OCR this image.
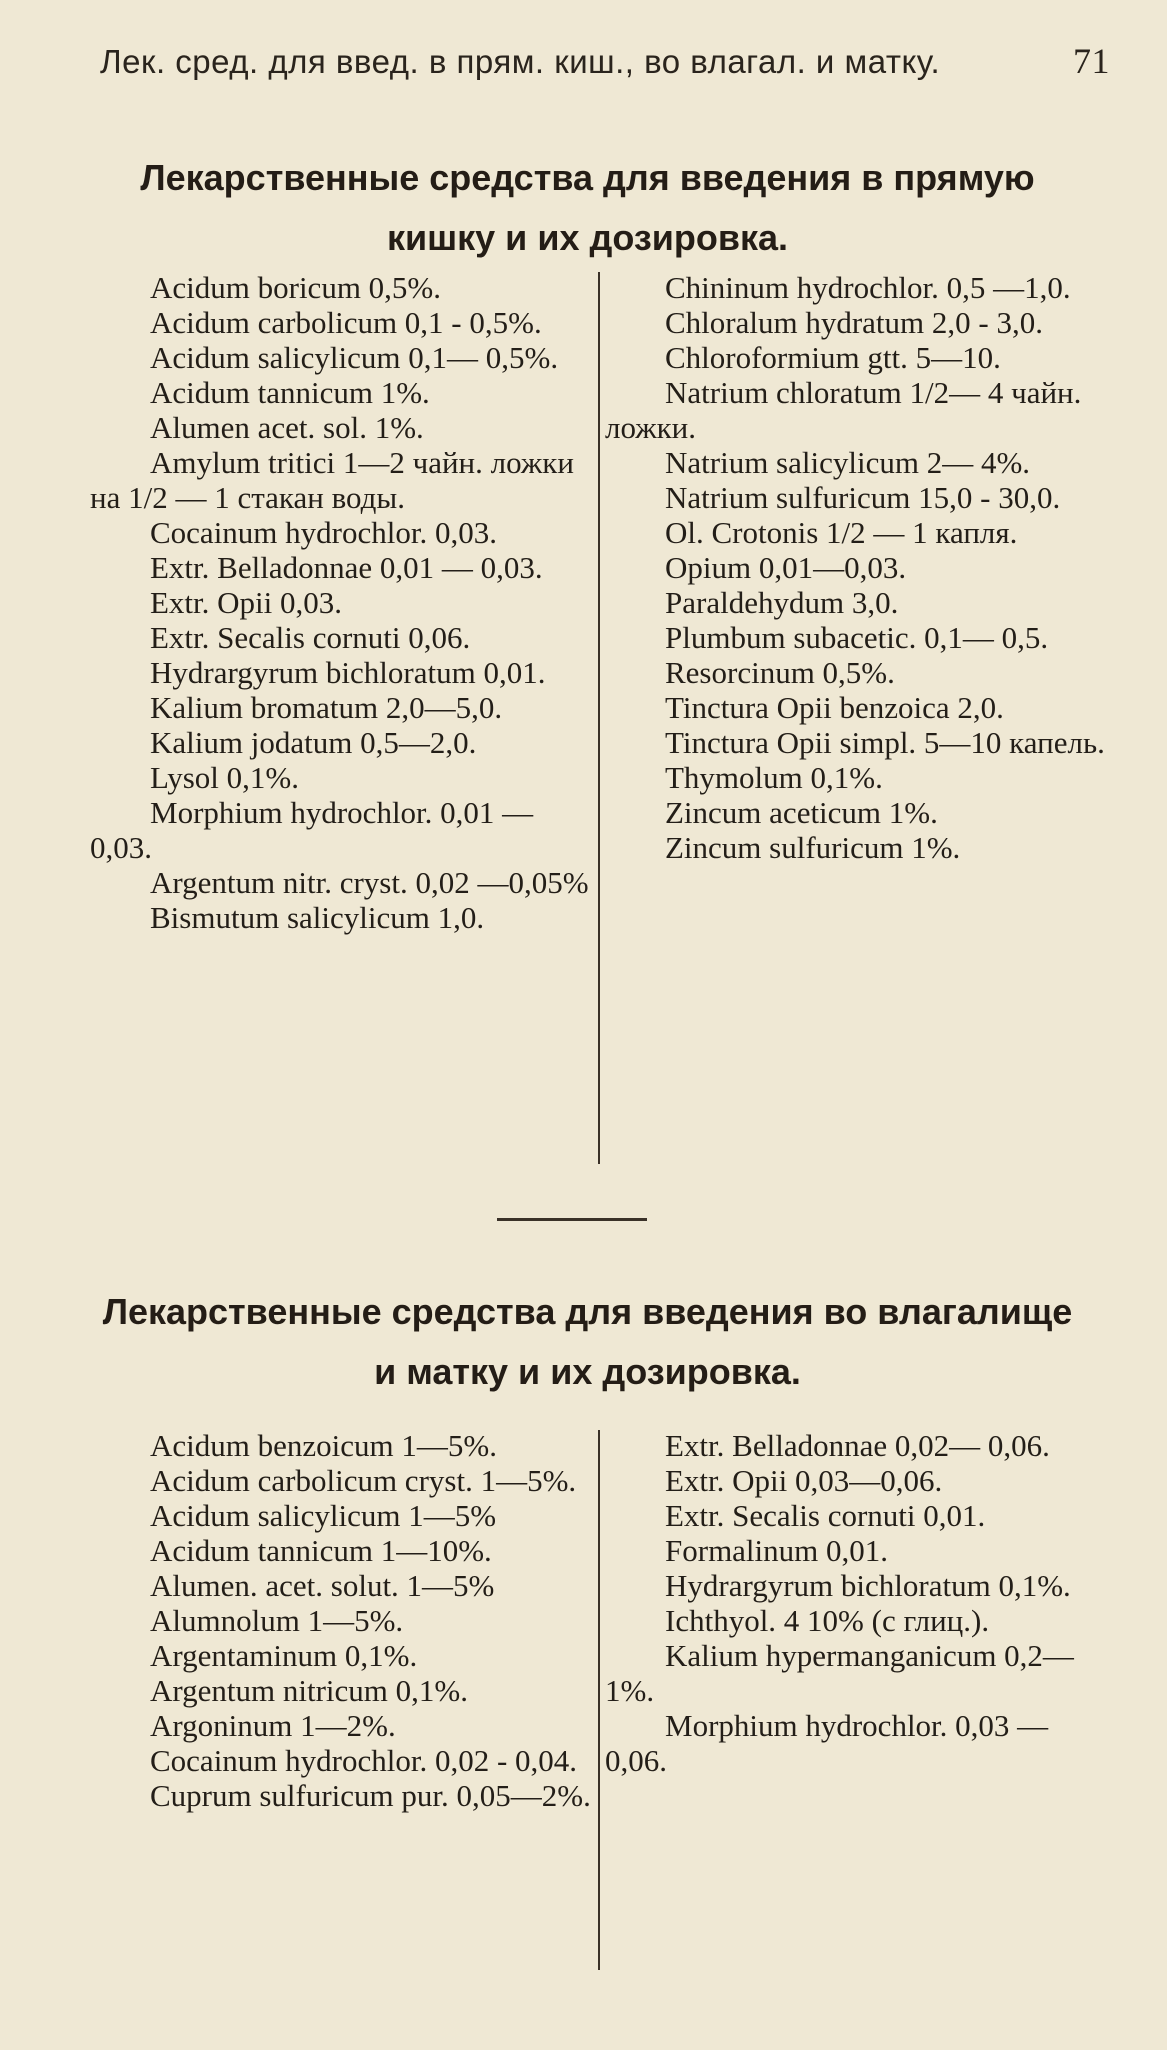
Лек. сред. для введ. в прям. киш., во влагал. и матку.	71
Лекарственные средства для введения в прямую
кишку и их дозировка.
Acidum boricum 0,5%.
Acidum carbolicum 0,1 - 0,5%.
Acidum salicylicum 0,1— 0,5%.
Acidum tannicum 1%.
Alumen acet. sol. 1%.
Amylum tritici 1—2 чайн. ложки на 1/2 — 1 стакан воды.
Cocainum hydrochlor. 0,03.
Extr. Belladonnae 0,01 — 0,03.
Extr. Opii 0,03.
Extr. Secalis cornuti 0,06.
Hydrargyrum bichloratum 0,01.
Kalium bromatum 2,0—5,0.
Kalium jodatum 0,5—2,0.
Lysol 0,1%.
Morphium hydrochlor. 0,01 —0,03.
Argentum nitr. cryst. 0,02 —0,05%
Bismutum salicylicum 1,0.
Chininum hydrochlor. 0,5 —1,0.
Chloralum hydratum 2,0 - 3,0.
Chloroformium gtt. 5—10.
Natrium chloratum 1/2— 4 чайн. ложки.
Natrium salicylicum 2— 4%.
Natrium sulfuricum 15,0 - 30,0.
Ol. Crotonis 1/2 — 1 капля.
Opium 0,01—0,03.
Paraldehydum 3,0.
Plumbum subacetic. 0,1— 0,5.
Resorcinum 0,5%.
Tinctura Opii benzoica 2,0.
Tinctura Opii simpl. 5—10 капель.
Thymolum 0,1%.
Zincum aceticum 1%.
Zincum sulfuricum 1%.
Лекарственные средства для введения во влагалище
и матку и их дозировка.
Acidum benzoicum 1—5%.
Acidum carbolicum cryst. 1—5%.
Acidum salicylicum 1—5%
Acidum tannicum 1—10%.
Alumen. acet. solut. 1—5%
Alumnolum 1—5%.
Argentaminum 0,1%.
Argentum nitricum 0,1%.
Argoninum 1—2%.
Cocainum hydrochlor. 0,02 - 0,04.
Cuprum sulfuricum pur. 0,05—2%.
Extr. Belladonnae 0,02— 0,06.
Extr. Opii 0,03—0,06.
Extr. Secalis cornuti 0,01.
Formalinum 0,01.
Hydrargyrum bichloratum 0,1%.
Ichthyol. 4 10% (с глиц.).
Kalium hypermanganicum 0,2—1%.
Morphium hydrochlor. 0,03 —0,06.
